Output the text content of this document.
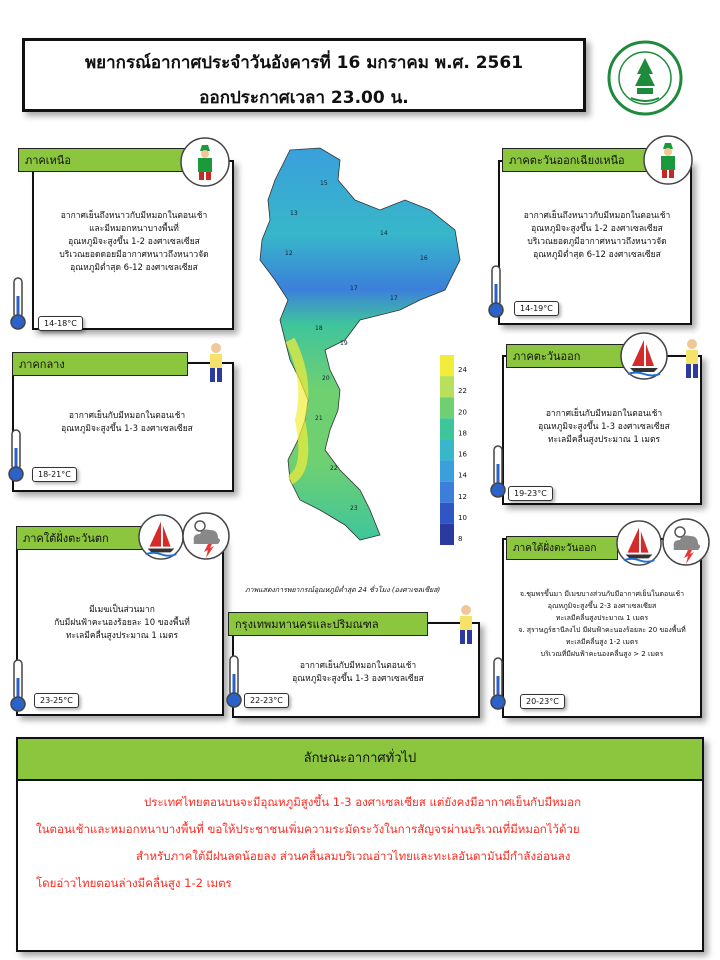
พยากรณ์อากาศประจำวันอังคารที่ 16 มกราคม พ.ศ. 2561
ออกประกาศเวลา 23.00 น.
ภาคเหนือ
อากาศเย็นถึงหนาวกับมีหมอกในตอนเช้า
และมีหมอกหนาบางพื้นที่
อุณหภูมิจะสูงขึ้น 1-2 องศาเซลเซียส
บริเวณยอดดอยมีอากาศหนาวถึงหนาวจัด
อุณหภูมิต่ำสุด 6-12 องศาเซลเซียส
14-18°C
ภาคตะวันออกเฉียงเหนือ
อากาศเย็นถึงหนาวกับมีหมอกในตอนเช้า
อุณหภูมิจะสูงขึ้น 1-2 องศาเซลเซียส
บริเวณยอดภูมีอากาศหนาวถึงหนาวจัด
อุณหภูมิต่ำสุด 6-12 องศาเซลเซียส
14-19°C
ภาคกลาง
อากาศเย็นกับมีหมอกในตอนเช้า
อุณหภูมิจะสูงขึ้น 1-3 องศาเซลเซียส
18-21°C
ภาคตะวันออก
อากาศเย็นกับมีหมอกในตอนเช้า
อุณหภูมิจะสูงขึ้น 1-3 องศาเซลเซียส
ทะเลมีคลื่นสูงประมาณ 1 เมตร
19-23°C
ภาคใต้ฝั่งตะวันตก
มีเมฆเป็นส่วนมาก
กับมีฝนฟ้าคะนองร้อยละ 10 ของพื้นที่
ทะเลมีคลื่นสูงประมาณ 1 เมตร
23-25°C
กรุงเทพมหานครและปริมณฑล
อากาศเย็นกับมีหมอกในตอนเช้า
อุณหภูมิจะสูงขึ้น 1-3 องศาเซลเซียส
22-23°C
ภาคใต้ฝั่งตะวันออก
จ.ชุมพรขึ้นมา มีเมฆบางส่วนกับมีอากาศเย็นในตอนเช้า
อุณหภูมิจะสูงขึ้น 2-3 องศาเซลเซียส
ทะเลมีคลื่นสูงประมาณ 1 เมตร
จ. สุราษฎร์ธานีลงไป มีฝนฟ้าคะนองร้อยละ 20 ของพื้นที่
ทะเลมีคลื่นสูง 1-2 เมตร
บริเวณที่มีฝนฟ้าคะนองคลื่นสูง > 2 เมตร
20-23°C
15
13
12
14
16
17
17
18
19
20
21
22
23
24
22
20
18
16
14
12
10
8
ภาพแสดงการพยากรณ์อุณหภูมิต่ำสุด 24 ชั่วโมง (องศาเซลเซียส)
ลักษณะอากาศทั่วไป
ประเทศไทยตอนบนจะมีอุณหภูมิสูงขึ้น 1-3 องศาเซลเซียส แต่ยังคงมีอากาศเย็นกับมีหมอก
ในตอนเช้าและหมอกหนาบางพื้นที่ ขอให้ประชาชนเพิ่มความระมัดระวังในการสัญจรผ่านบริเวณที่มีหมอกไว้ด้วย
สำหรับภาคใต้มีฝนลดน้อยลง ส่วนคลื่นลมบริเวณอ่าวไทยและทะเลอันดามันมีกำลังอ่อนลง
โดยอ่าวไทยตอนล่างมีคลื่นสูง 1-2 เมตร
